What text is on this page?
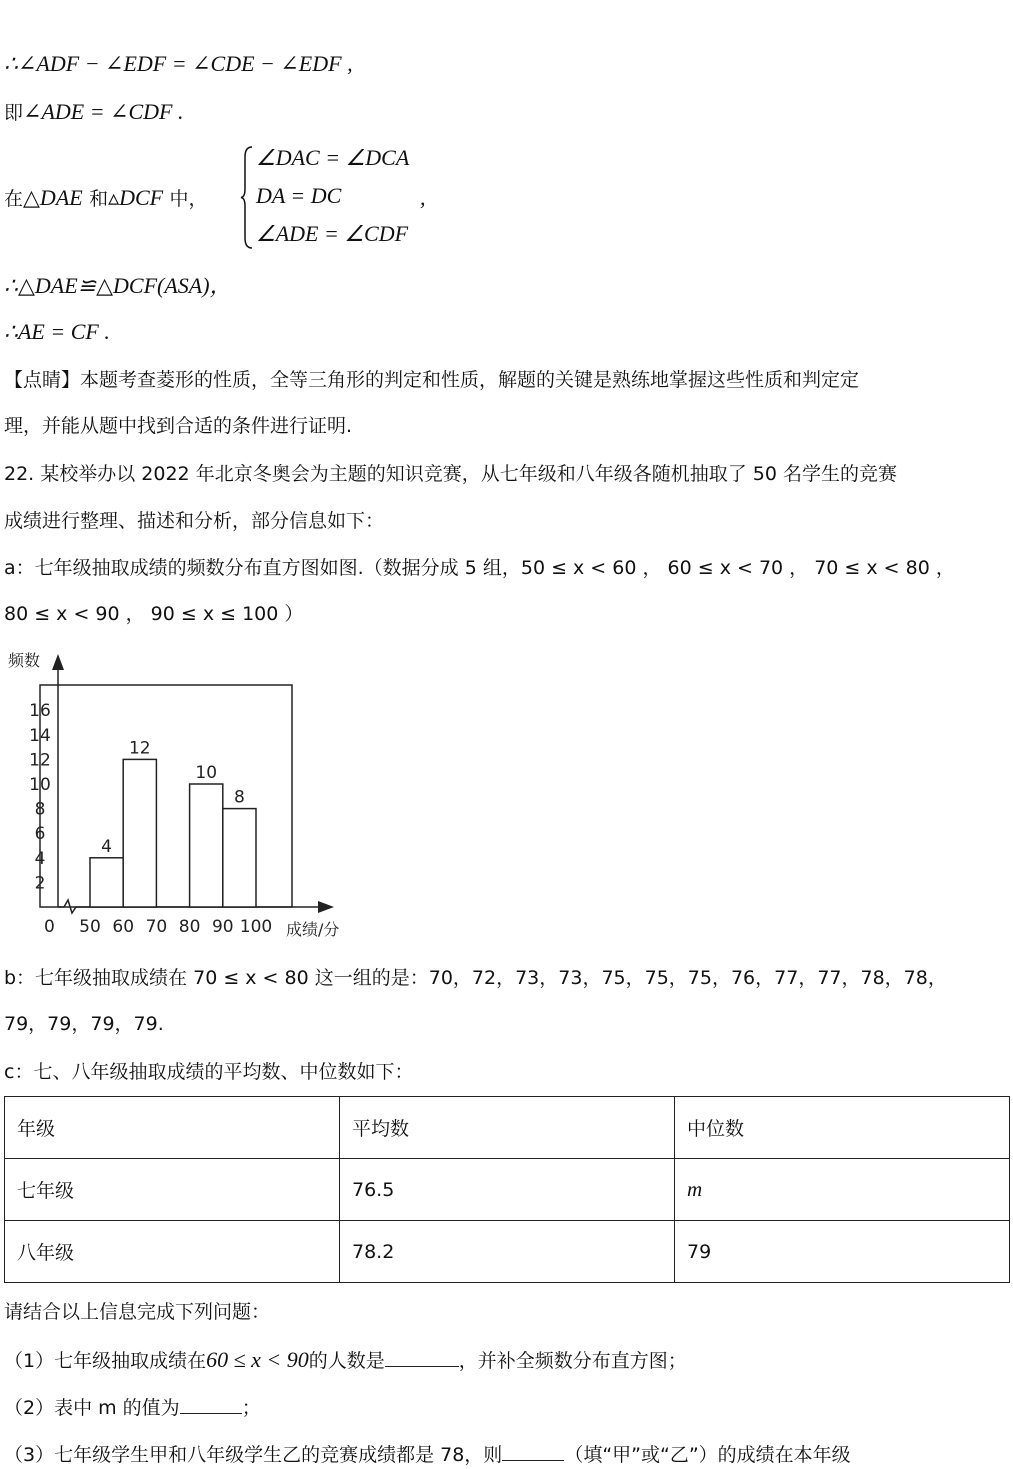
∴∠ADF − ∠EDF = ∠CDE − ∠EDF ,
即∠ADE = ∠CDF .
在△DAE 和▵DCF 中，
∠DAC = ∠DCA
DA = DC
∠ADE = ∠CDF
,
∴△DAE≌△DCF(ASA)，
∴AE = CF .
【点睛】本题考查菱形的性质，全等三角形的判定和性质，解题的关键是熟练地掌握这些性质和判定定
理，并能从题中找到合适的条件进行证明.
22. 某校举办以 2022 年北京冬奥会为主题的知识竞赛，从七年级和八年级各随机抽取了 50 名学生的竞赛
成绩进行整理、描述和分析，部分信息如下：
a：七年级抽取成绩的频数分布直方图如图.（数据分成 5 组，50 ≤ x < 60 ， 60 ≤ x < 70 ， 70 ≤ x < 80 ，
80 ≤ x < 90 ， 90 ≤ x ≤ 100 ）
4
12
10
8
2
4
6
8
10
12
14
16
50 60 70 80 90 100
频数
成绩/分
0
b：七年级抽取成绩在 70 ≤ x < 80 这一组的是：70，72，73，73，75，75，75，76，77，77，78，78，
79，79，79，79.
c：七、八年级抽取成绩的平均数、中位数如下：
年级	平均数	中位数
七年级	76.5	m
八年级	78.2	79
请结合以上信息完成下列问题：
（1）七年级抽取成绩在60 ≤ x < 90的人数是	，并补全频数分布直方图；
（2）表中 m 的值为	；
（3）七年级学生甲和八年级学生乙的竞赛成绩都是 78，则	（填“甲”或“乙”）的成绩在本年级
